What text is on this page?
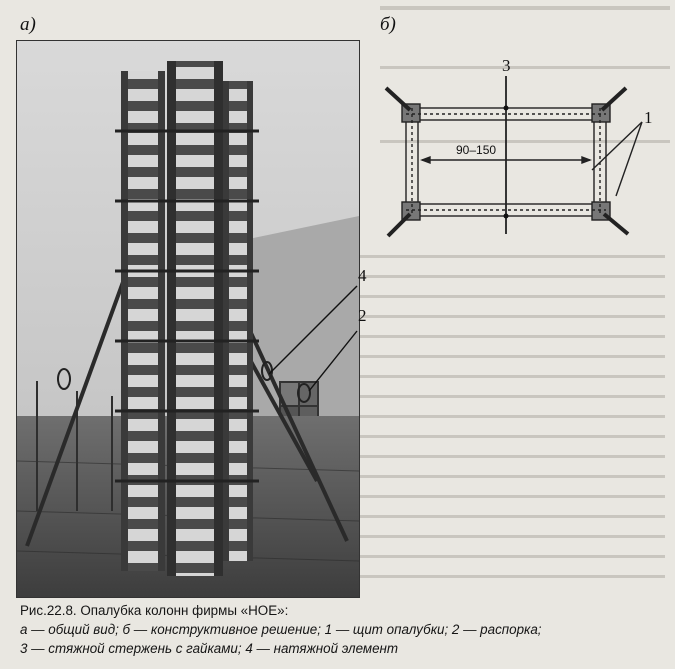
а)	б)
4
2
90–150
3
1
Рис.22.8. Опалубка колонн фирмы «НОЕ»:
а — общий вид; б — конструктивное решение; 1 — щит опалубки; 2 — распорка;
3 — стяжной стержень с гайками; 4 — натяжной элемент
